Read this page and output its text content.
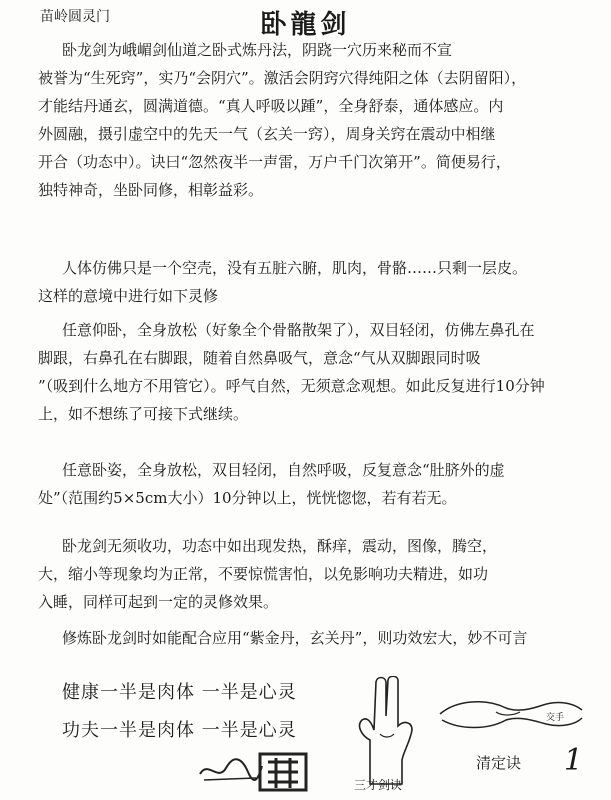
苗岭圆灵门	卧龍剑
卧龙剑为峨嵋剑仙道之卧式炼丹法，阴跷一穴历来秘而不宣
被誉为“生死窍”，实乃“会阴穴”。激活会阴窍穴得纯阳之体（去阴留阳），
才能结丹通玄，圆满道德。“真人呼吸以踵”，全身舒泰，通体感应。内
外圆融，摄引虚空中的先天一气（玄关一窍），周身关窍在震动中相继
开合（功态中）。诀曰“忽然夜半一声雷，万户千门次第开”。简便易行，
独特神奇，坐卧同修，相彰益彩。
人体仿佛只是一个空壳，没有五脏六腑，肌肉，骨骼……只剩一层皮。
这样的意境中进行如下灵修
任意仰卧，全身放松（好象全个骨骼散架了），双目轻闭，仿佛左鼻孔在
脚跟，右鼻孔在右脚跟，随着自然鼻吸气，意念“气从双脚跟同时吸
”（吸到什么地方不用管它）。呼气自然，无须意念观想。如此反复进行10分钟
上，如不想练了可接下式继续。
任意卧姿，全身放松，双目轻闭，自然呼吸，反复意念“肚脐外的虚
处”（范围约5×5cm大小）10分钟以上，恍恍惚惚，若有若无。
卧龙剑无须收功，功态中如出现发热，酥痒，震动，图像，腾空，
大，缩小等现象均为正常，不要惊慌害怕，以免影响功夫精进，如功
入睡，同样可起到一定的灵修效果。
修炼卧龙剑时如能配合应用“紫金丹，玄关丹”，则功效宏大，妙不可言
健康一半是肉体 一半是心灵
功夫一半是肉体 一半是心灵
三才剑诀
交手
清定诀 1
